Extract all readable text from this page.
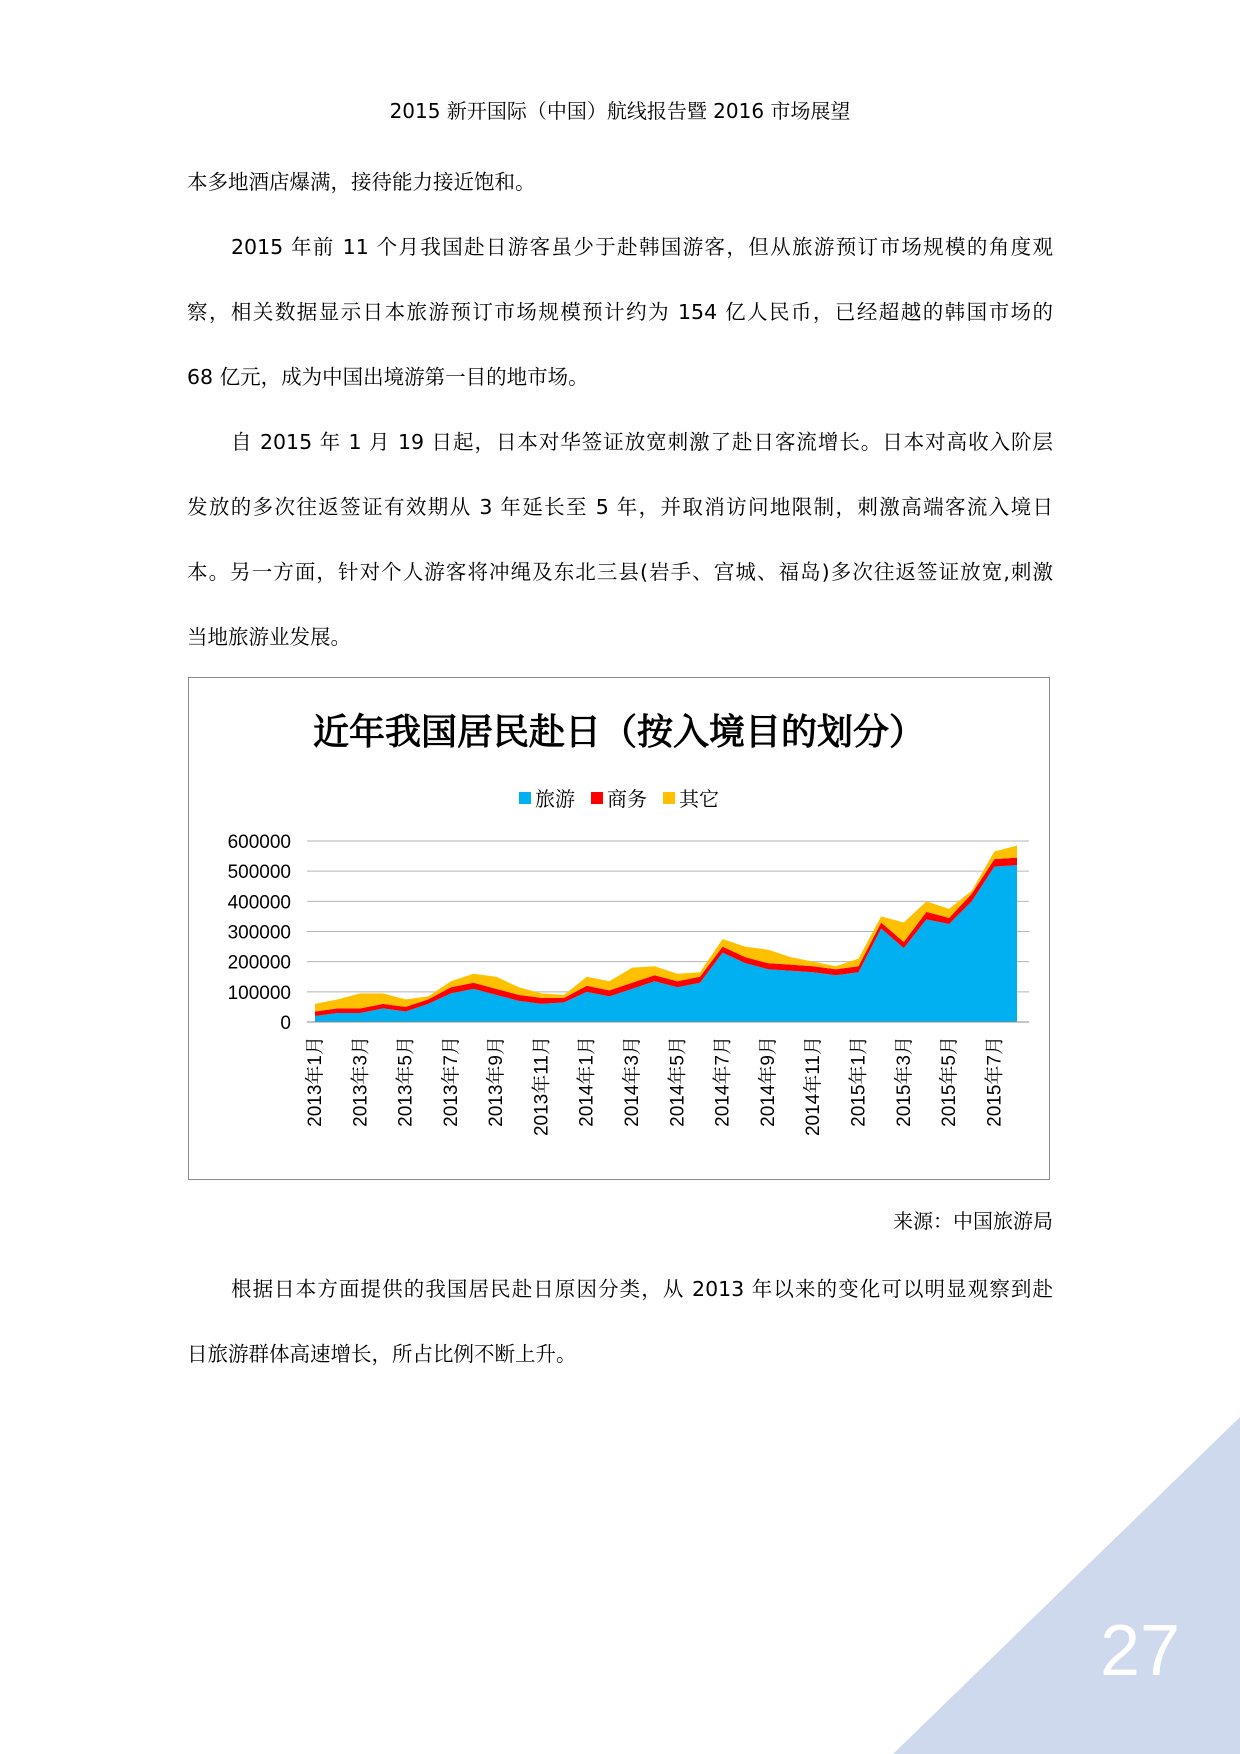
2015 新开国际（中国）航线报告暨 2016 市场展望
本多地酒店爆满，接待能力接近饱和。
2015 年前 11 个月我国赴日游客虽少于赴韩国游客，但从旅游预订市场规模的角度观
察，相关数据显示日本旅游预订市场规模预计约为 154 亿人民币，已经超越的韩国市场的
68 亿元，成为中国出境游第一目的地市场。
自 2015 年 1 月 19 日起，日本对华签证放宽刺激了赴日客流增长。日本对高收入阶层
发放的多次往返签证有效期从 3 年延长至 5 年，并取消访问地限制，刺激高端客流入境日
本。另一方面，针对个人游客将冲绳及东北三县(岩手、宫城、福岛)多次往返签证放宽,刺激
当地旅游业发展。
近年我国居民赴日（按入境目的划分）
旅游 商务 其它
600000
500000
400000
300000
200000
100000
0
2013年1月 2013年3月 2013年5月 2013年7月 2013年9月 2013年11月 2014年1月 2014年3月 2014年5月 2014年7月 2014年9月 2014年11月 2015年1月 2015年3月 2015年5月 2015年7月
来源：中国旅游局
根据日本方面提供的我国居民赴日原因分类，从 2013 年以来的变化可以明显观察到赴
日旅游群体高速增长，所占比例不断上升。
27
